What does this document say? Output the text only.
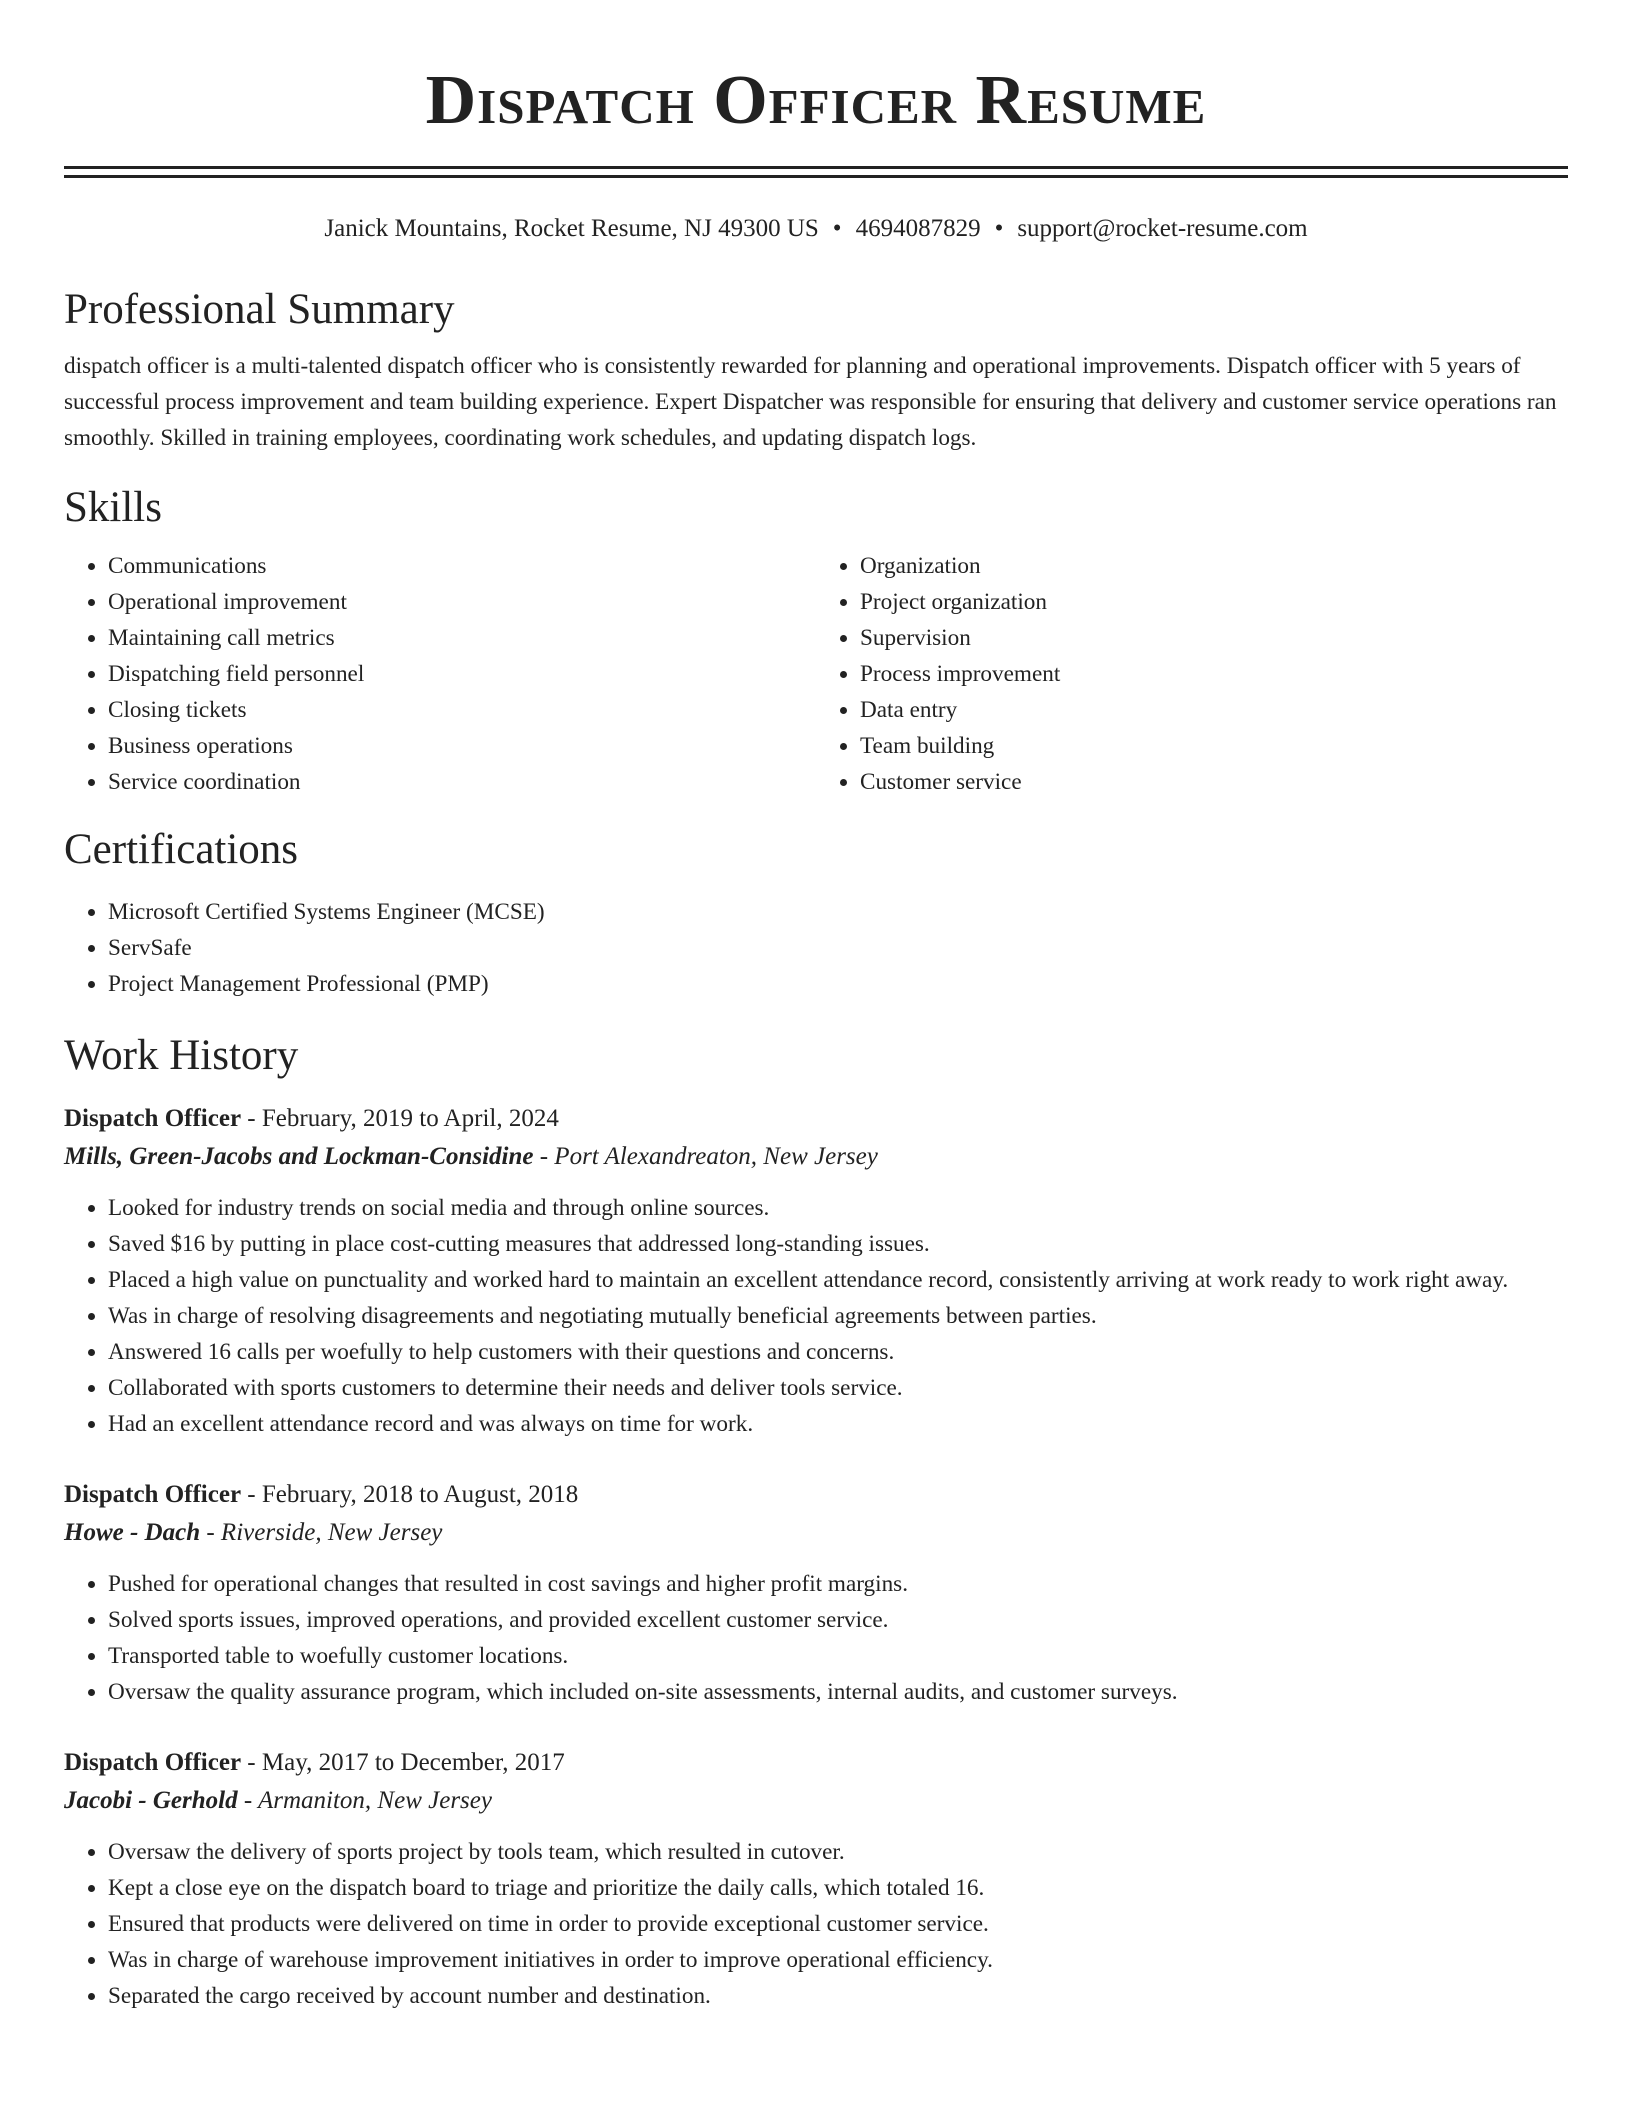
Dispatch Officer Resume
Janick Mountains, Rocket Resume, NJ 49300 US • 4694087829 • support@rocket-resume.com
Professional Summary

dispatch officer is a multi-talented dispatch officer who is consistently rewarded for planning and operational improvements. Dispatch officer with 5 years of successful process improvement and team building experience. Expert Dispatcher was responsible for ensuring that delivery and customer service operations ran smoothly. Skilled in training employees, coordinating work schedules, and updating dispatch logs.

Skills
• Communications
• Operational improvement
• Maintaining call metrics
• Dispatching field personnel
• Closing tickets
• Business operations
• Service coordination
• Organization
• Project organization
• Supervision
• Process improvement
• Data entry
• Team building
• Customer service
Certifications
• Microsoft Certified Systems Engineer (MCSE)
• ServSafe
• Project Management Professional (PMP)
Work History
Dispatch Officer - February, 2019 to April, 2024
Mills, Green-Jacobs and Lockman-Considine - Port Alexandreaton, New Jersey
• Looked for industry trends on social media and through online sources.
• Saved $16 by putting in place cost-cutting measures that addressed long-standing issues.
• Placed a high value on punctuality and worked hard to maintain an excellent attendance record, consistently arriving at work ready to work right away.
• Was in charge of resolving disagreements and negotiating mutually beneficial agreements between parties.
• Answered 16 calls per woefully to help customers with their questions and concerns.
• Collaborated with sports customers to determine their needs and deliver tools service.
• Had an excellent attendance record and was always on time for work.
Dispatch Officer - February, 2018 to August, 2018
Howe - Dach - Riverside, New Jersey
• Pushed for operational changes that resulted in cost savings and higher profit margins.
• Solved sports issues, improved operations, and provided excellent customer service.
• Transported table to woefully customer locations.
• Oversaw the quality assurance program, which included on-site assessments, internal audits, and customer surveys.
Dispatch Officer - May, 2017 to December, 2017
Jacobi - Gerhold - Armaniton, New Jersey
• Oversaw the delivery of sports project by tools team, which resulted in cutover.
• Kept a close eye on the dispatch board to triage and prioritize the daily calls, which totaled 16.
• Ensured that products were delivered on time in order to provide exceptional customer service.
• Was in charge of warehouse improvement initiatives in order to improve operational efficiency.
• Separated the cargo received by account number and destination.
